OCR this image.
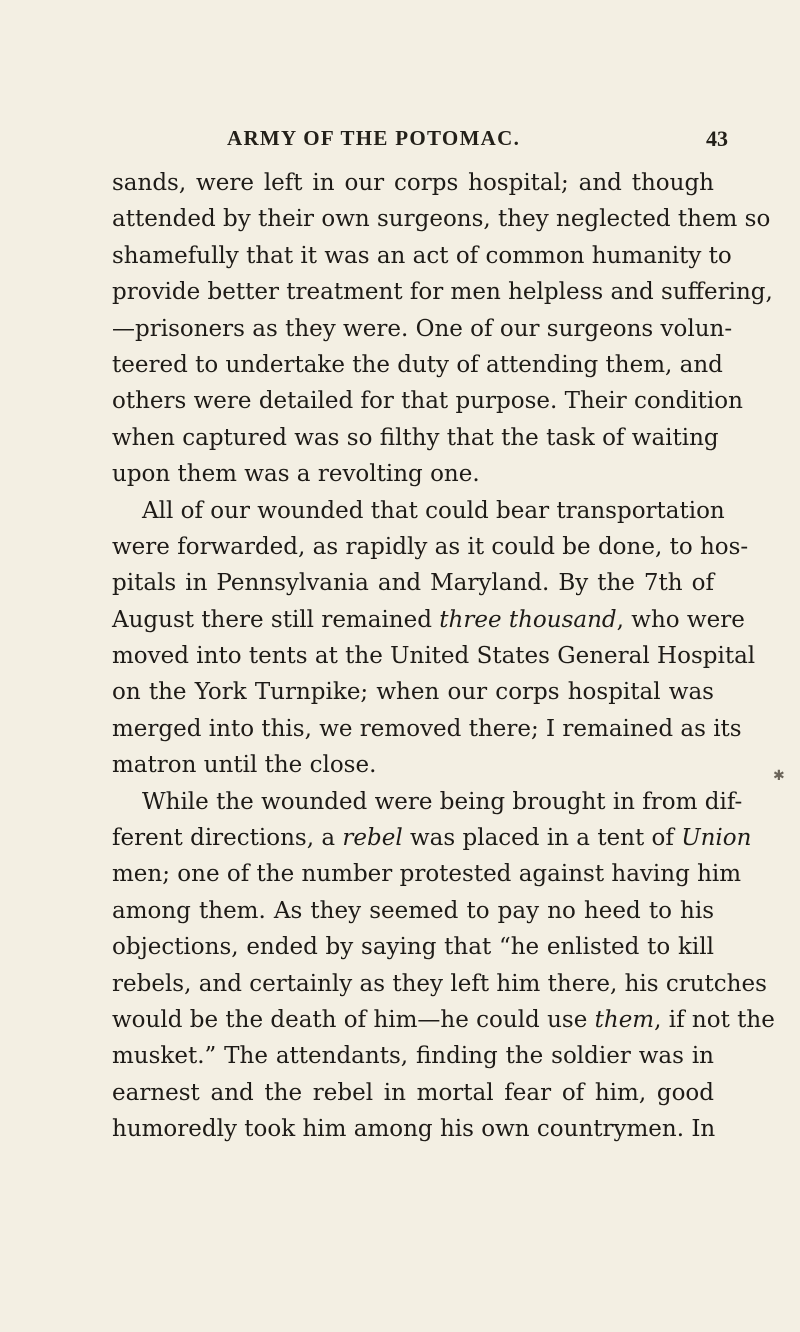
ARMY OF THE POTOMAC.	43
sands, were left in our corps hospital; and though
attended by their own surgeons, they neglected them so
shamefully that it was an act of common humanity to
provide better treatment for men helpless and suffering,
—prisoners as they were. One of our surgeons volun-
teered to undertake the duty of attending them, and
others were detailed for that purpose. Their condition
when captured was so filthy that the task of waiting
upon them was a revolting one.
All of our wounded that could bear transportation
were forwarded, as rapidly as it could be done, to hos-
pitals in Pennsylvania and Maryland. By the 7th of
August there still remained three thousand, who were
moved into tents at the United States General Hospital
on the York Turnpike; when our corps hospital was
merged into this, we removed there; I remained as its
matron until the close.
While the wounded were being brought in from dif-
ferent directions, a rebel was placed in a tent of Union
men; one of the number protested against having him
among them. As they seemed to pay no heed to his
objections, ended by saying that “he enlisted to kill
rebels, and certainly as they left him there, his crutches
would be the death of him—he could use them, if not the
musket.” The attendants, finding the soldier was in
earnest and the rebel in mortal fear of him, good
humoredly took him among his own countrymen. In
✱
